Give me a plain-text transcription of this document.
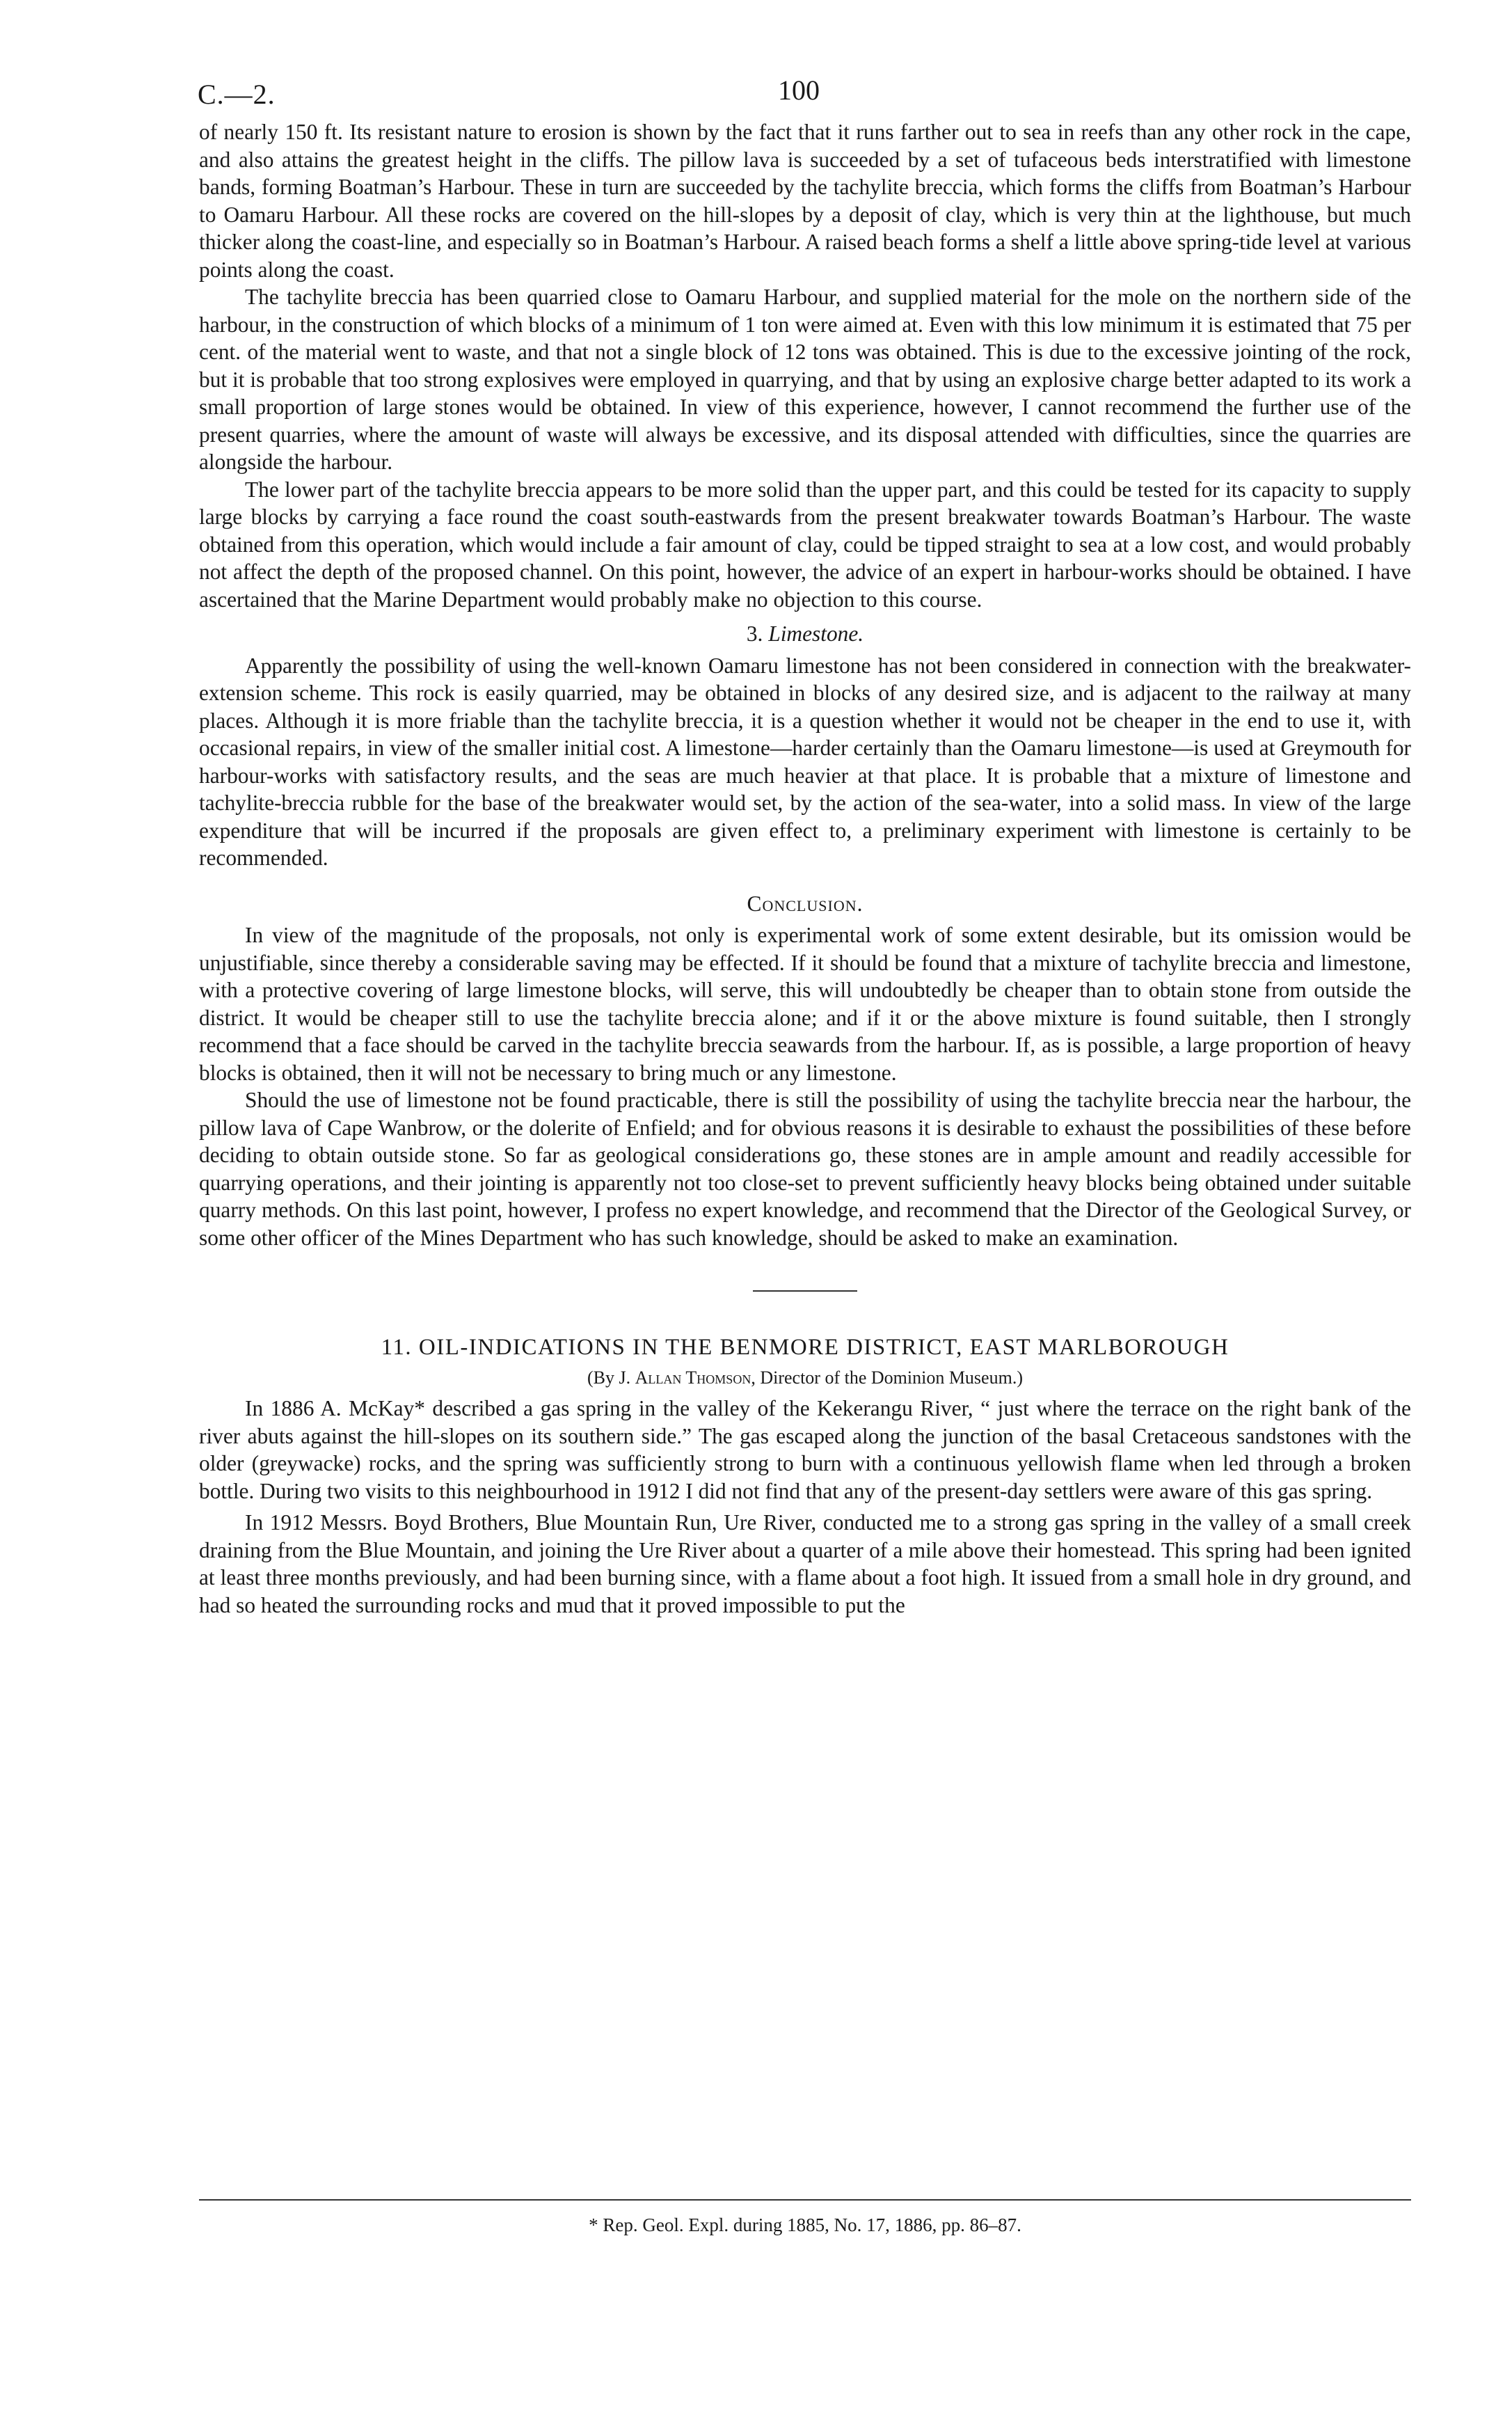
C.—2.	100

of nearly 150 ft. Its resistant nature to erosion is shown by the fact that it runs farther out to sea in reefs than any other rock in the cape, and also attains the greatest height in the cliffs. The pillow lava is succeeded by a set of tufaceous beds interstratified with limestone bands, forming Boatman’s Harbour. These in turn are succeeded by the tachylite breccia, which forms the cliffs from Boatman’s Harbour to Oamaru Harbour. All these rocks are covered on the hill-slopes by a deposit of clay, which is very thin at the lighthouse, but much thicker along the coast-line, and especially so in Boatman’s Harbour. A raised beach forms a shelf a little above spring-tide level at various points along the coast.

The tachylite breccia has been quarried close to Oamaru Harbour, and supplied material for the mole on the northern side of the harbour, in the construction of which blocks of a minimum of 1 ton were aimed at. Even with this low minimum it is estimated that 75 per cent. of the material went to waste, and that not a single block of 12 tons was obtained. This is due to the excessive jointing of the rock, but it is probable that too strong explosives were employed in quarrying, and that by using an explosive charge better adapted to its work a small proportion of large stones would be obtained. In view of this experience, however, I cannot recommend the further use of the present quarries, where the amount of waste will always be excessive, and its disposal attended with difficulties, since the quarries are alongside the harbour.

The lower part of the tachylite breccia appears to be more solid than the upper part, and this could be tested for its capacity to supply large blocks by carrying a face round the coast south-eastwards from the present breakwater towards Boatman’s Harbour. The waste obtained from this operation, which would include a fair amount of clay, could be tipped straight to sea at a low cost, and would probably not affect the depth of the proposed channel. On this point, however, the advice of an expert in harbour-works should be obtained. I have ascertained that the Marine Department would probably make no objection to this course.

3. Limestone.

Apparently the possibility of using the well-known Oamaru limestone has not been considered in connection with the breakwater-extension scheme. This rock is easily quarried, may be obtained in blocks of any desired size, and is adjacent to the railway at many places. Although it is more friable than the tachylite breccia, it is a question whether it would not be cheaper in the end to use it, with occasional repairs, in view of the smaller initial cost. A limestone—harder certainly than the Oamaru limestone—is used at Greymouth for harbour-works with satisfactory results, and the seas are much heavier at that place. It is probable that a mixture of limestone and tachylite-breccia rubble for the base of the breakwater would set, by the action of the sea-water, into a solid mass. In view of the large expenditure that will be incurred if the proposals are given effect to, a preliminary experiment with limestone is certainly to be recommended.

Conclusion.

In view of the magnitude of the proposals, not only is experimental work of some extent desirable, but its omission would be unjustifiable, since thereby a considerable saving may be effected. If it should be found that a mixture of tachylite breccia and limestone, with a protective covering of large limestone blocks, will serve, this will undoubtedly be cheaper than to obtain stone from outside the district. It would be cheaper still to use the tachylite breccia alone; and if it or the above mixture is found suitable, then I strongly recommend that a face should be carved in the tachylite breccia seawards from the harbour. If, as is possible, a large proportion of heavy blocks is obtained, then it will not be necessary to bring much or any limestone.

Should the use of limestone not be found practicable, there is still the possibility of using the tachylite breccia near the harbour, the pillow lava of Cape Wanbrow, or the dolerite of Enfield; and for obvious reasons it is desirable to exhaust the possibilities of these before deciding to obtain outside stone. So far as geological considerations go, these stones are in ample amount and readily accessible for quarrying operations, and their jointing is apparently not too close-set to prevent sufficiently heavy blocks being obtained under suitable quarry methods. On this last point, however, I profess no expert knowledge, and recommend that the Director of the Geological Survey, or some other officer of the Mines Department who has such knowledge, should be asked to make an examination.

11. OIL-INDICATIONS IN THE BENMORE DISTRICT, EAST MARLBOROUGH
(By J. Allan Thomson, Director of the Dominion Museum.)

In 1886 A. McKay* described a gas spring in the valley of the Kekerangu River, “ just where the terrace on the right bank of the river abuts against the hill-slopes on its southern side.” The gas escaped along the junction of the basal Cretaceous sandstones with the older (greywacke) rocks, and the spring was sufficiently strong to burn with a continuous yellowish flame when led through a broken bottle. During two visits to this neighbourhood in 1912 I did not find that any of the present-day settlers were aware of this gas spring.

In 1912 Messrs. Boyd Brothers, Blue Mountain Run, Ure River, conducted me to a strong gas spring in the valley of a small creek draining from the Blue Mountain, and joining the Ure River about a quarter of a mile above their homestead. This spring had been ignited at least three months previously, and had been burning since, with a flame about a foot high. It issued from a small hole in dry ground, and had so heated the surrounding rocks and mud that it proved impossible to put the

* Rep. Geol. Expl. during 1885, No. 17, 1886, pp. 86–87.
